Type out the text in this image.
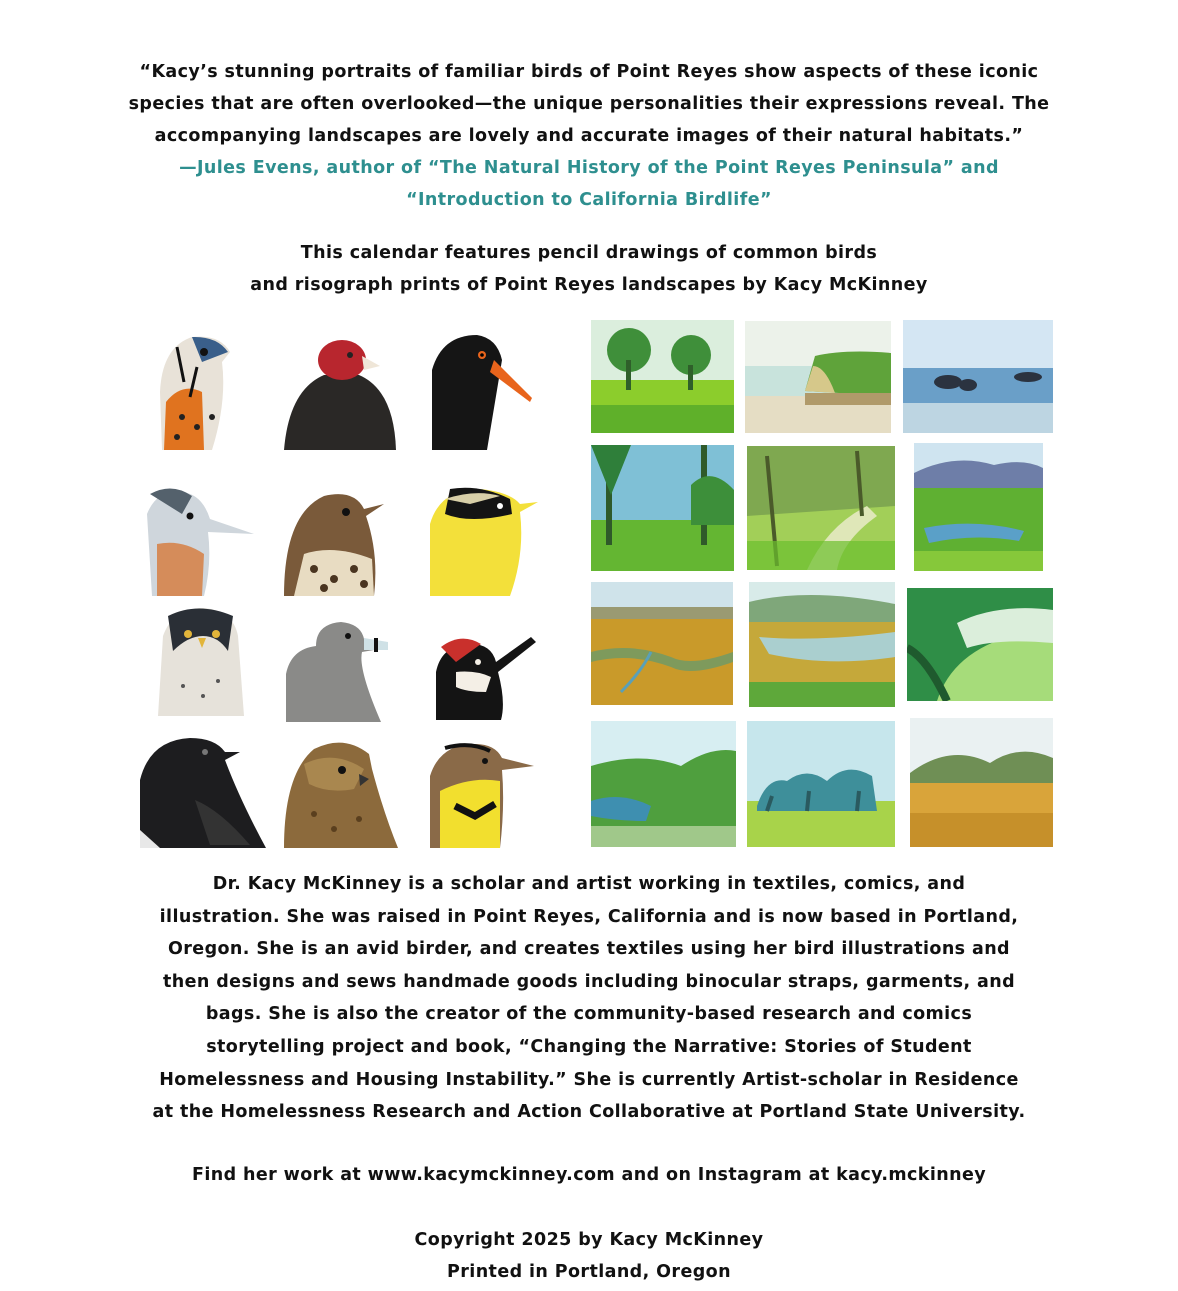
“Kacy’s stunning portraits of familiar birds of Point Reyes show aspects of these iconic
species that are often overlooked—the unique personalities their expressions reveal. The
accompanying landscapes are lovely and accurate images of their natural habitats.”
—Jules Evens, author of “The Natural History of the Point Reyes Peninsula” and
“Introduction to California Birdlife”
This calendar features pencil drawings of common birds
and risograph prints of Point Reyes landscapes by Kacy McKinney
Dr. Kacy McKinney is a scholar and artist working in textiles, comics, and
illustration. She was raised in Point Reyes, California and is now based in Portland,
Oregon. She is an avid birder, and creates textiles using her bird illustrations and
then designs and sews handmade goods including binocular straps, garments, and
bags. She is also the creator of the community-based research and comics
storytelling project and book, “Changing the Narrative: Stories of Student
Homelessness and Housing Instability.” She is currently Artist-scholar in Residence
at the Homelessness Research and Action Collaborative at Portland State University.
Find her work at www.kacymckinney.com and on Instagram at kacy.mckinney
Copyright 2025 by Kacy McKinney
Printed in Portland, Oregon
